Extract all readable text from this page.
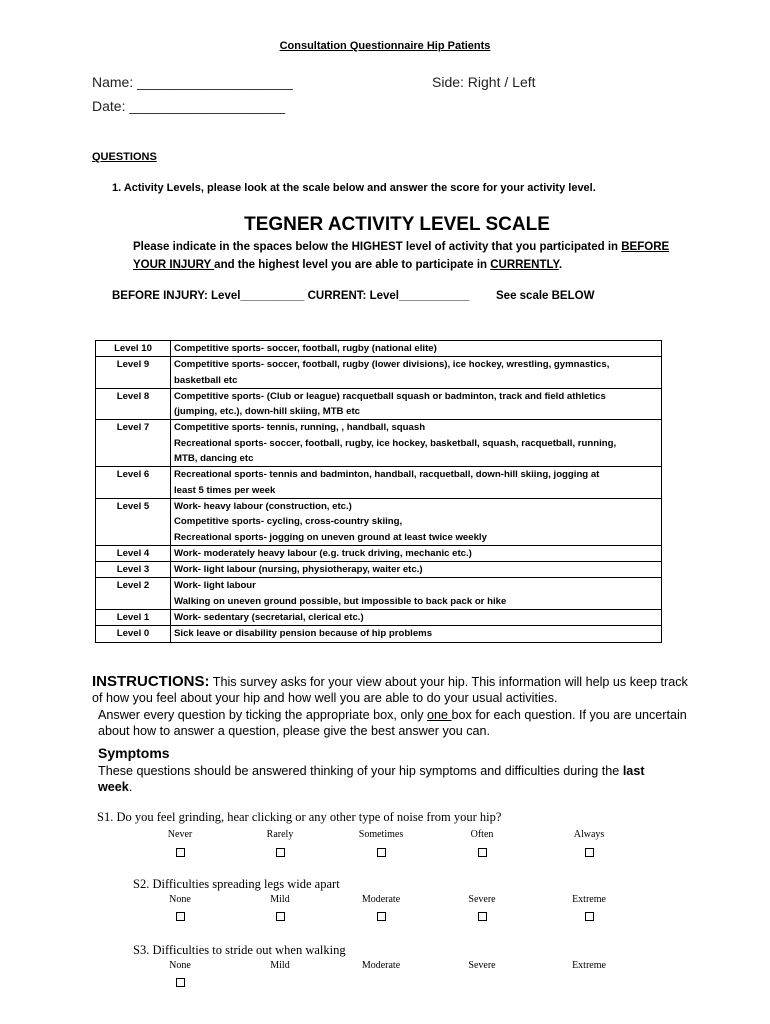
Consultation Questionnaire Hip Patients
Name: ____________________	Side: Right / Left
Date: ____________________
QUESTIONS
1. Activity Levels, please look at the scale below and answer the score for your activity level.
TEGNER ACTIVITY LEVEL SCALE
Please indicate in the spaces below the HIGHEST level of activity that you participated in BEFORE
YOUR INJURY and the highest level you are able to participate in CURRENTLY.
BEFORE INJURY: Level__________ CURRENT: Level___________ See scale BELOW
Level 10	Competitive sports- soccer, football, rugby (national elite)

Level 9	Competitive sports- soccer, football, rugby (lower divisions), ice hockey, wrestling, gymnastics,
basketball etc

Level 8	Competitive sports- (Club or league) racquetball squash or badminton, track and field athletics
(jumping, etc.), down-hill skiing, MTB etc

Level 7	Competitive sports- tennis, running, , handball, squash
Recreational sports- soccer, football, rugby, ice hockey, basketball, squash, racquetball, running,
MTB, dancing etc

Level 6	Recreational sports- tennis and badminton, handball, racquetball, down-hill skiing, jogging at
least 5 times per week

Level 5	Work- heavy labour (construction, etc.)
Competitive sports- cycling, cross-country skiing,
Recreational sports- jogging on uneven ground at least twice weekly

Level 4	Work- moderately heavy labour (e.g. truck driving, mechanic etc.)

Level 3	Work- light labour (nursing, physiotherapy, waiter etc.)

Level 2	Work- light labour
Walking on uneven ground possible, but impossible to back pack or hike

Level 1	Work- sedentary (secretarial, clerical etc.)

Level 0	Sick leave or disability pension because of hip problems
INSTRUCTIONS: This survey asks for your view about your hip. This information will help us keep track of how you feel about your hip and how well you are able to do your usual activities.
Answer every question by ticking the appropriate box, only one box for each question. If you are uncertain about how to answer a question, please give the best answer you can.
Symptoms
These questions should be answered thinking of your hip symptoms and difficulties during the last week.
S1. Do you feel grinding, hear clicking or any other type of noise from your hip?
S2. Difficulties spreading legs wide apart
S3. Difficulties to stride out when walking
Never	Rarely	Sometimes	Often	Always
None	Mild	Moderate	Severe	Extreme
None	Mild	Moderate	Severe	Extreme
